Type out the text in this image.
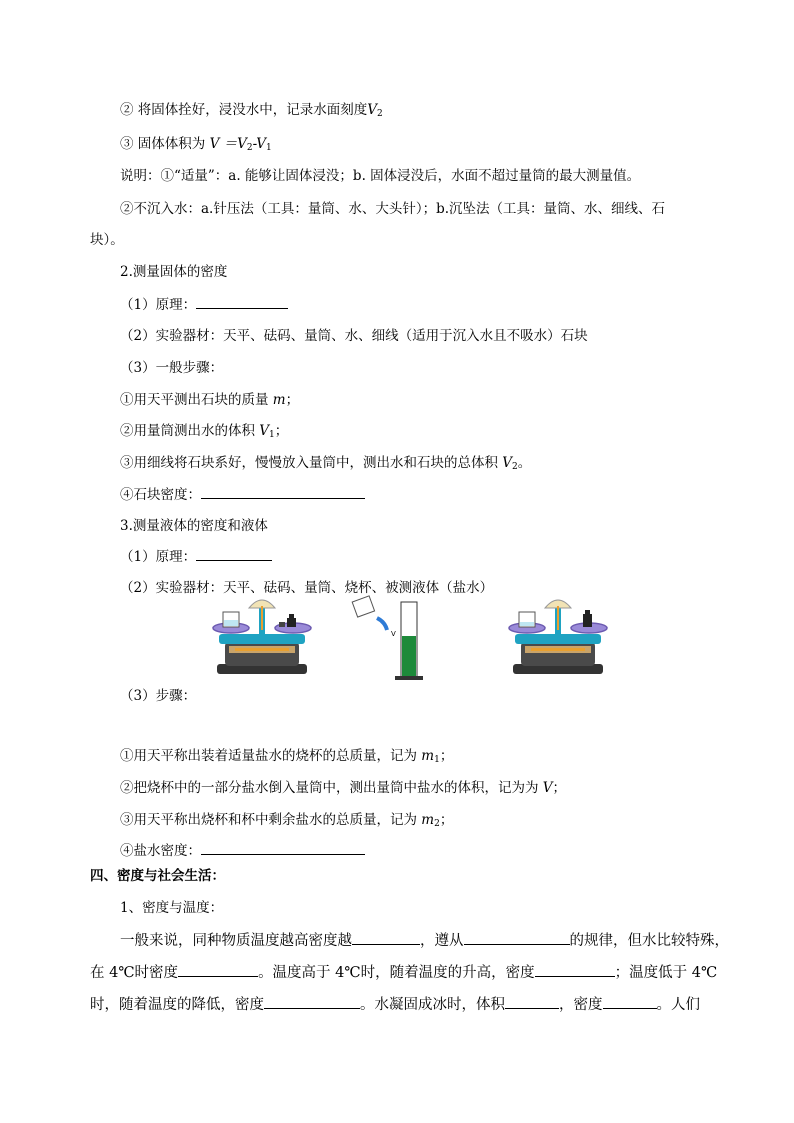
② 将固体拴好，浸没水中，记录水面刻度$V_2$
③ 固体体积为 $V =V_2-V_1$
说明：①“适量”：a. 能够让固体浸没；b. 固体浸没后，水面不超过量筒的最大测量值。
②不沉入水：a.针压法（工具：量筒、水、大头针）；b.沉坠法（工具：量筒、水、细线、石
块）。
2.测量固体的密度
（1）原理：
（2）实验器材：天平、砝码、量筒、水、细线（适用于沉入水且不吸水）石块
（3）一般步骤：
①用天平测出石块的质量 m；
②用量筒测出水的体积 $V_1$；
③用细线将石块系好，慢慢放入量筒中，测出水和石块的总体积 $V_2$。
④石块密度：
3.测量液体的密度和液体
（1）原理：
（2）实验器材：天平、砝码、量筒、烧杯、被测液体（盐水）
V
（3）步骤：
①用天平称出装着适量盐水的烧杯的总质量，记为 $m_1$；
②把烧杯中的一部分盐水倒入量筒中，测出量筒中盐水的体积，记为为 V；
③用天平称出烧杯和杯中剩余盐水的总质量，记为 $m_2$；
④盐水密度：
四、密度与社会生活：
1、密度与温度：
一般来说，同种物质温度越高密度越	，遵从	的规律，但水比较特殊，
在 4℃时密度	。温度高于 4℃时，随着温度的升高，密度	；温度低于 4℃
时，随着温度的降低，密度	。水凝固成冰时，体积	，密度	。人们
